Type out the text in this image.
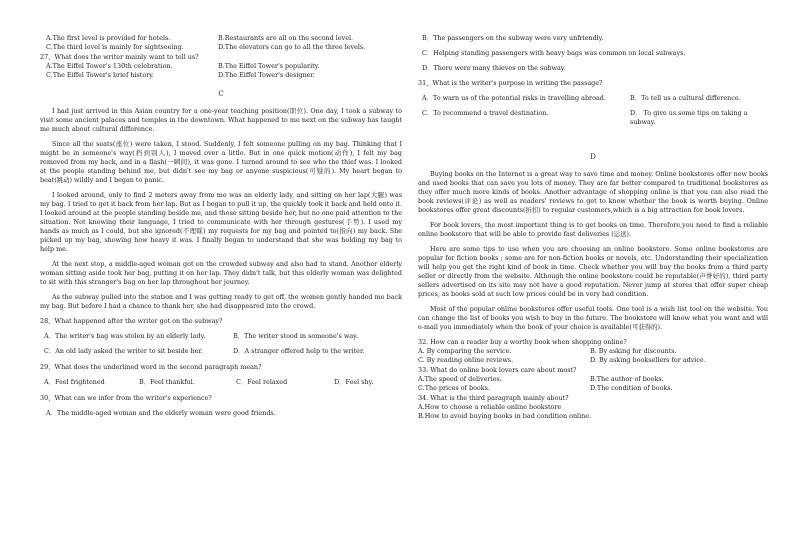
A.The first level is provided for hotels.	B.Restaurants are all on the second level.
C.The third level is mainly for sightseeing.	D.The elevators can go to all the three levels.
27、What does the writer mainly want to tell us?
A.The Eiffel Tower's 130th celebration.	B.The Eiffel Tower's popularity.
C.The Eiffel Tower's brief history.	D.The Eiffel Tower's designer.
C

I had just arrived in this Asian country for a one-year teaching position(职位). One day, I took a subway to visit some ancient palaces and temples in the downtown. What happened to me next on the subway has taught me much about cultural difference.

Since all the seats(座位) were taken, I stood. Suddenly, I felt someone pulling on my bag. Thinking that I might be in someone's way(挡到别人), I moved over a little. But in one quick motion(动作), I felt my bag removed from my back, and in a flash(一瞬间), it was gone. I turned around to see who the thief was. I looked at the people standing behind me, but didn't see my bag or anyone suspicious(可疑的). My heart began to beat(跳动) wildly and I began to panic.

I looked around, only to find 2 meters away from me was an elderly lady, and sitting on her lap(大腿) was my bag. I tried to get it back from her lap. But as I began to pull it up, the quickly took it back and held onto it. I looked around at the people standing beside me, and those sitting beside her, but no one paid attention to the situation. Not knowing their language, I tried to communicate with her through gestures(手势). I used my hands as much as I could, but she ignored(不理睬) my requests for my bag and pointed to(指向) my back. She picked up my bag, showing how heavy it was. I finally began to understand that she was holding my bag to help me.

At the next stop, a middle-aged woman got on the crowded subway and also had to stand. Another elderly woman sitting aside took her bag, putting it on her lap. They didn't talk, but this elderly woman was delighted to sit with this stranger's bag on her lap throughout her journey.

As the subway pulled into the station and I was getting ready to get off, the women gently handed me back my bag. But before I had a chance to thank her, she had disappeared into the crowd.

28、What happened after the writer got on the subway?
A．The writer's bag was stolen by an elderly lady.	B．The writer stood in someone's way.
C．An old lady asked the writer to sit beside her.	D．A stranger offered help to the writer.
29、What does the underlined word in the second paragraph mean?
A．Feel frightened	B．Feel thankful.	C．Feel relaxed	D．Feel shy.
30、What can we infer from the writer's experience?
A．The middle-aged woman and the elderly woman were good friends.
B．The passengers on the subway were very unfriendly.
C．Helping standing passengers with heavy bags was common on local subways.
D．There were many thieves on the subway.
31、What is the writer's purpose in writing the passage?
A．To warn us of the potential risks in travelling abroad.	B．To tell us a cultural difference.
C．To recommend a travel destination.	D． To give us some tips on taking a subway.
D

Buying books on the Internet is a great way to save time and money. Online bookstores offer new books and used books that can save you lots of money. They are far better compared to traditional bookstores as they offer much more kinds of books. Another advantage of shopping online is that you can also read the book reviews(评论) as well as readers' reviews to get to know whether the book is worth buying. Online bookstores offer great discounts(折扣) to regular customers,which is a big attraction for book lovers.

For book lovers, the most important thing is to get books on time. Therefore,you need to find a reliable online bookstore that will be able to provide fast deliveries (运送).

Here are some tips to use when you are choosing an online bookstore. Some online bookstores are popular for fiction books ; some are for non-fiction books or novels, etc. Understanding their specialization will help you get the right kind of book in time. Check whether you will buy the books from a third party seller or directly from the website. Although the online bookstore could be reputable(声誉好的), third party sellers advertised on its site may not have a good reputation. Never jump at stores that offer super cheap prices, as books sold at such low prices could be in very bad condition.

Most of the popular online bookstores offer useful tools. One tool is a wish list tool on the website. You can change the list of books you wish to buy in the future. The bookstore will know what you want and will e-mail you immediately when the book of your choice is available(可获得的).

32. How can a reader buy a worthy book when shopping online?
A. By comparing the service.	B. By asking for discounts.
C. By reading online reviews.	D. By asking booksellers for advice.
33. What do online book lovers care about most?
A.The speed of deliveries.	B.The author of books.
C.The prices of books.	D.The condition of books.
34. What is the third paragraph mainly about?
A.How to choose a reliable online bookstore
B.How to avoid buying books in bad condition online.
